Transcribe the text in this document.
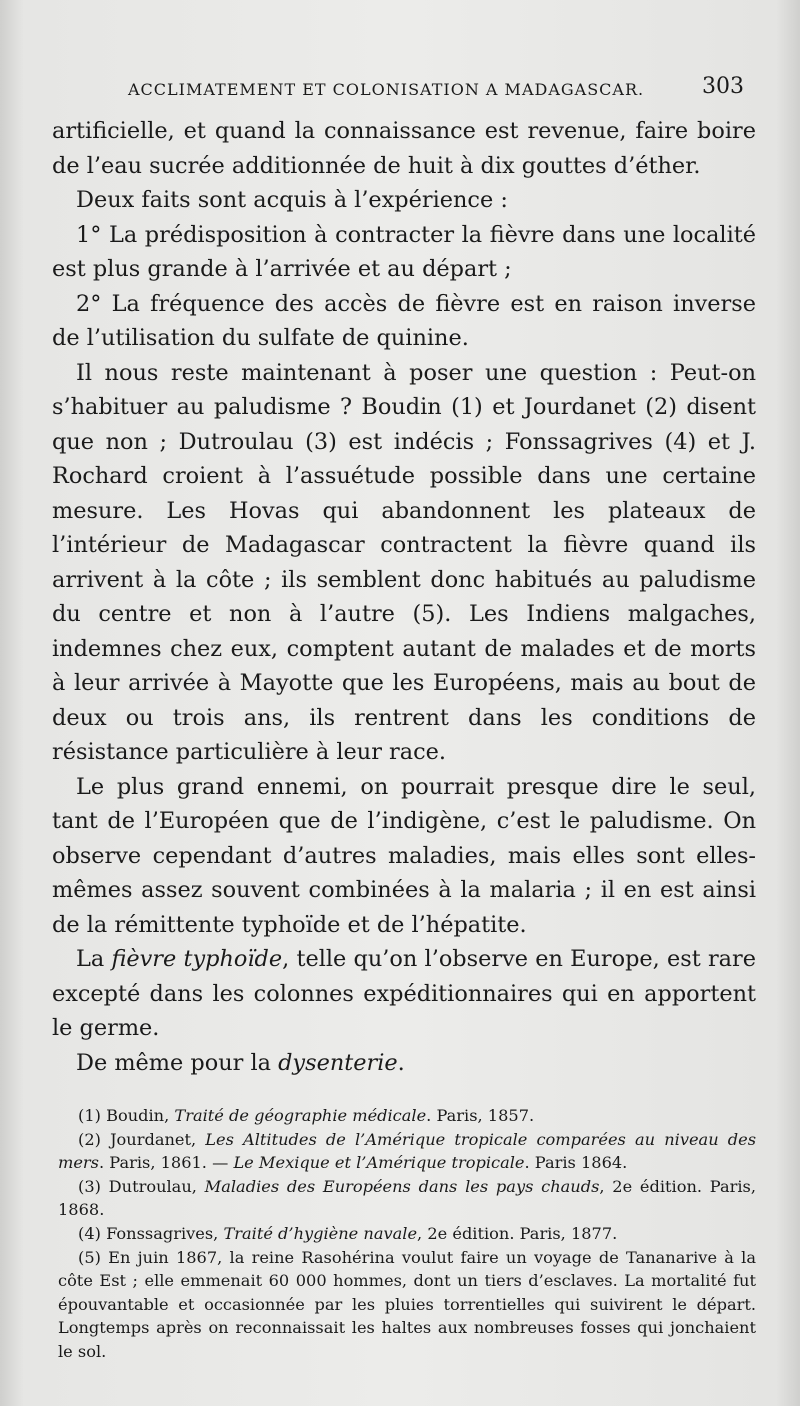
ACCLIMATEMENT ET COLONISATION A MADAGASCAR.	303

artificielle, et quand la connaissance est revenue, faire boire de l’eau sucrée additionnée de huit à dix gouttes d’éther.

Deux faits sont acquis à l’expérience :

1° La prédisposition à contracter la fièvre dans une localité est plus grande à l’arrivée et au départ ;

2° La fréquence des accès de fièvre est en raison inverse de l’utilisation du sulfate de quinine.

Il nous reste maintenant à poser une question : Peut-on s’habituer au paludisme ? Boudin (1) et Jourdanet (2) disent que non ; Dutroulau (3) est indécis ; Fonssagrives (4) et J. Rochard croient à l’assuétude possible dans une certaine mesure. Les Hovas qui abandonnent les plateaux de l’intérieur de Madagascar contractent la fièvre quand ils arrivent à la côte ; ils semblent donc habitués au paludisme du centre et non à l’autre (5). Les Indiens malgaches, indemnes chez eux, comptent autant de malades et de morts à leur arrivée à Mayotte que les Européens, mais au bout de deux ou trois ans, ils rentrent dans les conditions de résistance particulière à leur race.

Le plus grand ennemi, on pourrait presque dire le seul, tant de l’Européen que de l’indigène, c’est le paludisme. On observe cependant d’autres maladies, mais elles sont elles-mêmes assez souvent combinées à la malaria ; il en est ainsi de la rémittente typhoïde et de l’hépatite.

La fièvre typhoïde, telle qu’on l’observe en Europe, est rare excepté dans les colonnes expéditionnaires qui en apportent le germe.

De même pour la dysenterie.

(1) Boudin, Traité de géographie médicale. Paris, 1857.

(2) Jourdanet, Les Altitudes de l’Amérique tropicale comparées au niveau des mers. Paris, 1861. — Le Mexique et l’Amérique tropicale. Paris 1864.

(3) Dutroulau, Maladies des Européens dans les pays chauds, 2e édition. Paris, 1868.

(4) Fonssagrives, Traité d’hygiène navale, 2e édition. Paris, 1877.

(5) En juin 1867, la reine Rasohérina voulut faire un voyage de Tananarive à la côte Est ; elle emmenait 60 000 hommes, dont un tiers d’esclaves. La mortalité fut épouvantable et occasionnée par les pluies torrentielles qui suivirent le départ. Longtemps après on reconnaissait les haltes aux nombreuses fosses qui jonchaient le sol.
